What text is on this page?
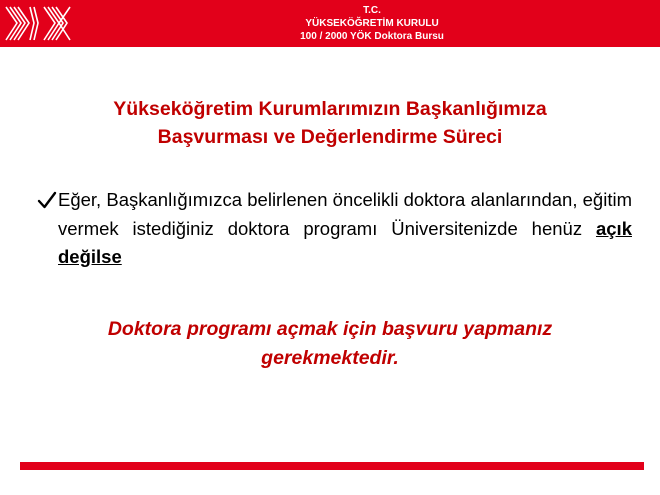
T.C.
YÜKSEKÖĞRETİM KURULU
100 / 2000 YÖK Doktora Bursu
Yükseköğretim Kurumlarımızın Başkanlığımıza
Başvurması ve Değerlendirme Süreci
Eğer, Başkanlığımızca belirlenen öncelikli doktora alanlarından, eğitim vermek istediğiniz doktora programı Üniversitenizde henüz açık değilse
Doktora programı açmak için başvuru yapmanız
gerekmektedir.
